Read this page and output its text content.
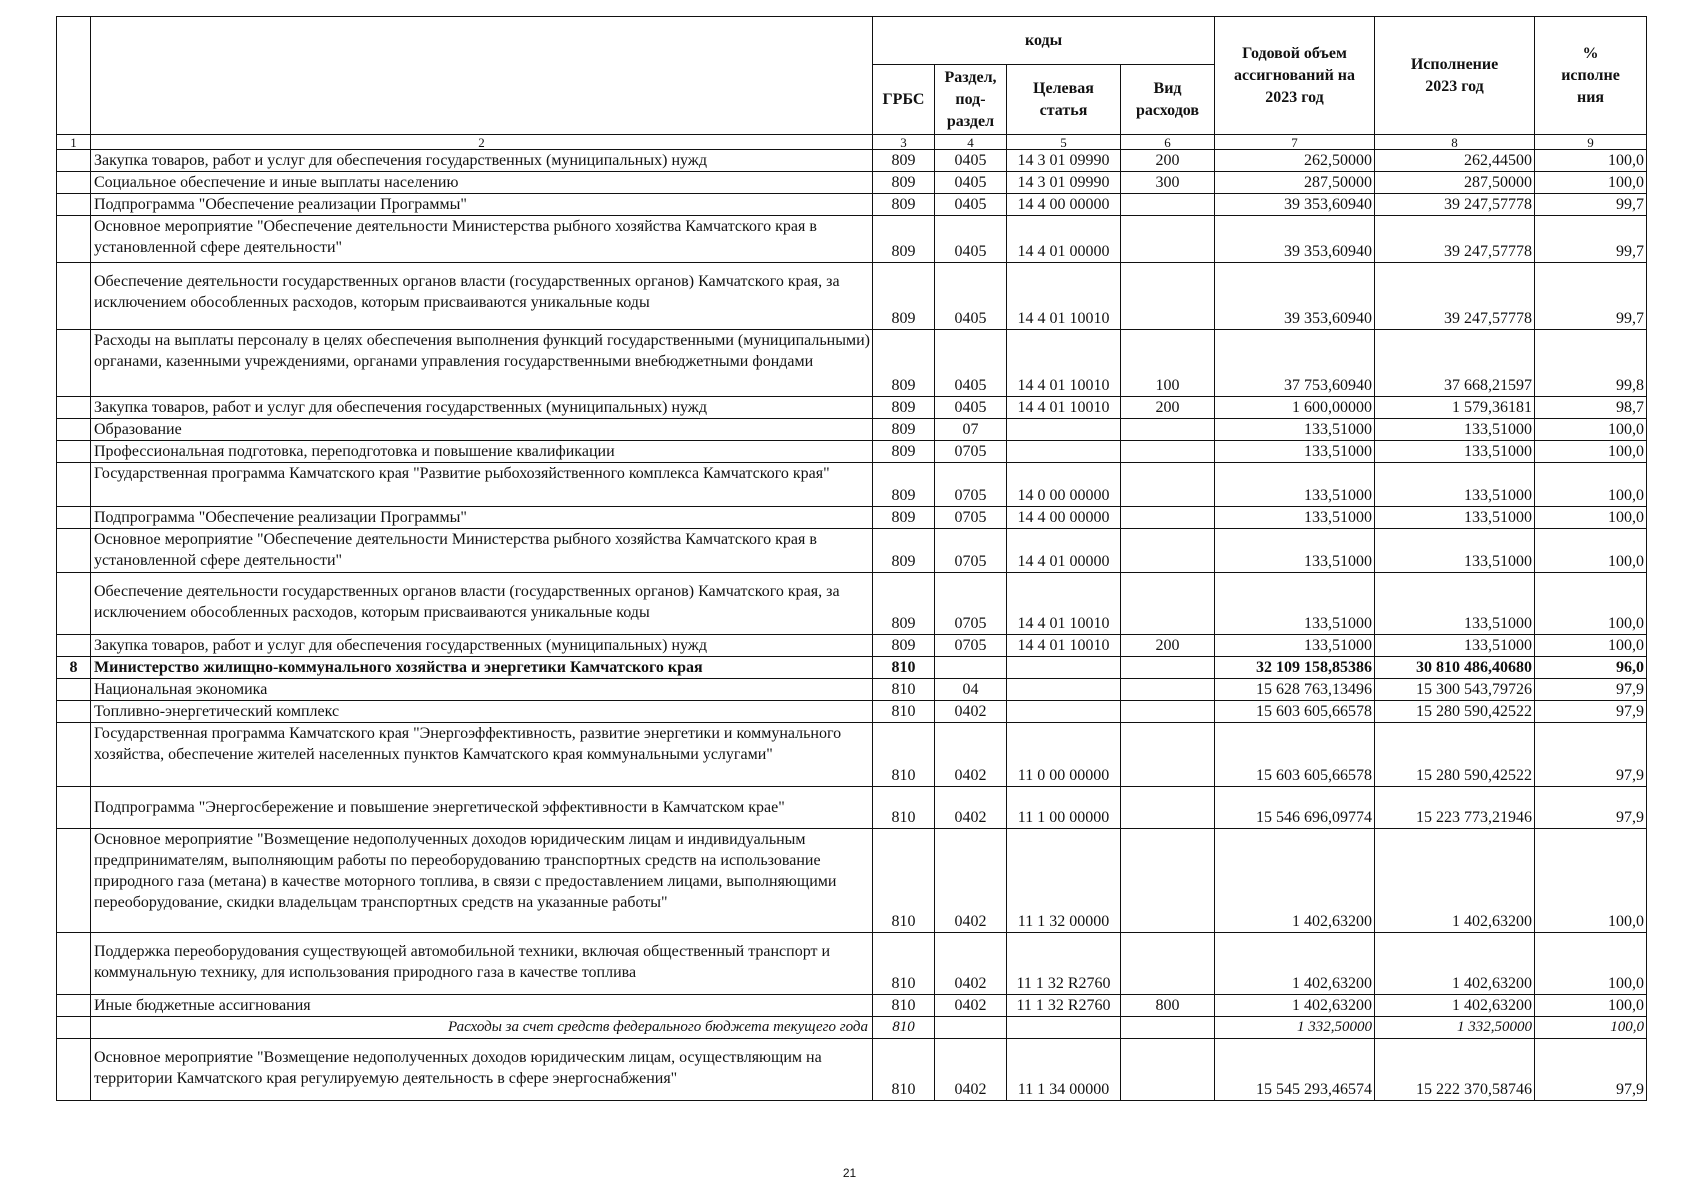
		коды				Годовой объем ассигнований на 2023 год	Исполнение 2023 год	% исполне ния
		ГРБС	Раздел, под-раздел	Целевая статья	Вид расходов			
1	2	3	4	5	6	7	8	9
	Закупка товаров, работ и услуг для обеспечения государственных (муниципальных) нужд	809	0405	14 3 01 09990	200	262,50000	262,44500	100,0
	Социальное обеспечение и иные выплаты населению	809	0405	14 3 01 09990	300	287,50000	287,50000	100,0
	Подпрограмма "Обеспечение реализации Программы"	809	0405	14 4 00 00000		39 353,60940	39 247,57778	99,7
	Основное мероприятие "Обеспечение деятельности Министерства рыбного хозяйства Камчатского края в установленной сфере деятельности"	809	0405	14 4 01 00000		39 353,60940	39 247,57778	99,7
	Обеспечение деятельности государственных органов власти (государственных органов) Камчатского края, за исключением обособленных расходов, которым присваиваются уникальные коды	809	0405	14 4 01 10010		39 353,60940	39 247,57778	99,7
	Расходы на выплаты персоналу в целях обеспечения выполнения функций государственными (муниципальными) органами, казенными учреждениями, органами управления государственными внебюджетными фондами	809	0405	14 4 01 10010	100	37 753,60940	37 668,21597	99,8
	Закупка товаров, работ и услуг для обеспечения государственных (муниципальных) нужд	809	0405	14 4 01 10010	200	1 600,00000	1 579,36181	98,7
	Образование	809	07			133,51000	133,51000	100,0
	Профессиональная подготовка, переподготовка и повышение квалификации	809	0705			133,51000	133,51000	100,0
	Государственная программа Камчатского края "Развитие рыбохозяйственного комплекса Камчатского края"	809	0705	14 0 00 00000		133,51000	133,51000	100,0
	Подпрограмма "Обеспечение реализации Программы"	809	0705	14 4 00 00000		133,51000	133,51000	100,0
	Основное мероприятие "Обеспечение деятельности Министерства рыбного хозяйства Камчатского края в установленной сфере деятельности"	809	0705	14 4 01 00000		133,51000	133,51000	100,0
	Обеспечение деятельности государственных органов власти (государственных органов) Камчатского края, за исключением обособленных расходов, которым присваиваются уникальные коды	809	0705	14 4 01 10010		133,51000	133,51000	100,0
	Закупка товаров, работ и услуг для обеспечения государственных (муниципальных) нужд	809	0705	14 4 01 10010	200	133,51000	133,51000	100,0
8	Министерство жилищно-коммунального хозяйства и энергетики Камчатского края	810				32 109 158,85386	30 810 486,40680	96,0
	Национальная экономика	810	04			15 628 763,13496	15 300 543,79726	97,9
	Топливно-энергетический комплекс	810	0402			15 603 605,66578	15 280 590,42522	97,9
	Государственная программа Камчатского края "Энергоэффективность, развитие энергетики и коммунального хозяйства, обеспечение жителей населенных пунктов Камчатского края коммунальными услугами"	810	0402	11 0 00 00000		15 603 605,66578	15 280 590,42522	97,9
	Подпрограмма "Энергосбережение и повышение энергетической эффективности в Камчатском крае"	810	0402	11 1 00 00000		15 546 696,09774	15 223 773,21946	97,9
	Основное мероприятие "Возмещение недополученных доходов юридическим лицам и индивидуальным предпринимателям, выполняющим работы по переоборудованию транспортных средств на использование природного газа (метана) в качестве моторного топлива, в связи с предоставлением лицами, выполняющими переоборудование, скидки владельцам транспортных средств на указанные работы"	810	0402	11 1 32 00000		1 402,63200	1 402,63200	100,0
	Поддержка переоборудования существующей автомобильной техники, включая общественный транспорт и коммунальную технику, для использования природного газа в качестве топлива	810	0402	11 1 32 R2760		1 402,63200	1 402,63200	100,0
	Иные бюджетные ассигнования	810	0402	11 1 32 R2760	800	1 402,63200	1 402,63200	100,0
	Расходы за счет средств федерального бюджета текущего года	810				1 332,50000	1 332,50000	100,0
	Основное мероприятие "Возмещение недополученных доходов юридическим лицам, осуществляющим на территории Камчатского края регулируемую деятельность в сфере энергоснабжения"	810	0402	11 1 34 00000		15 545 293,46574	15 222 370,58746	97,9
21
